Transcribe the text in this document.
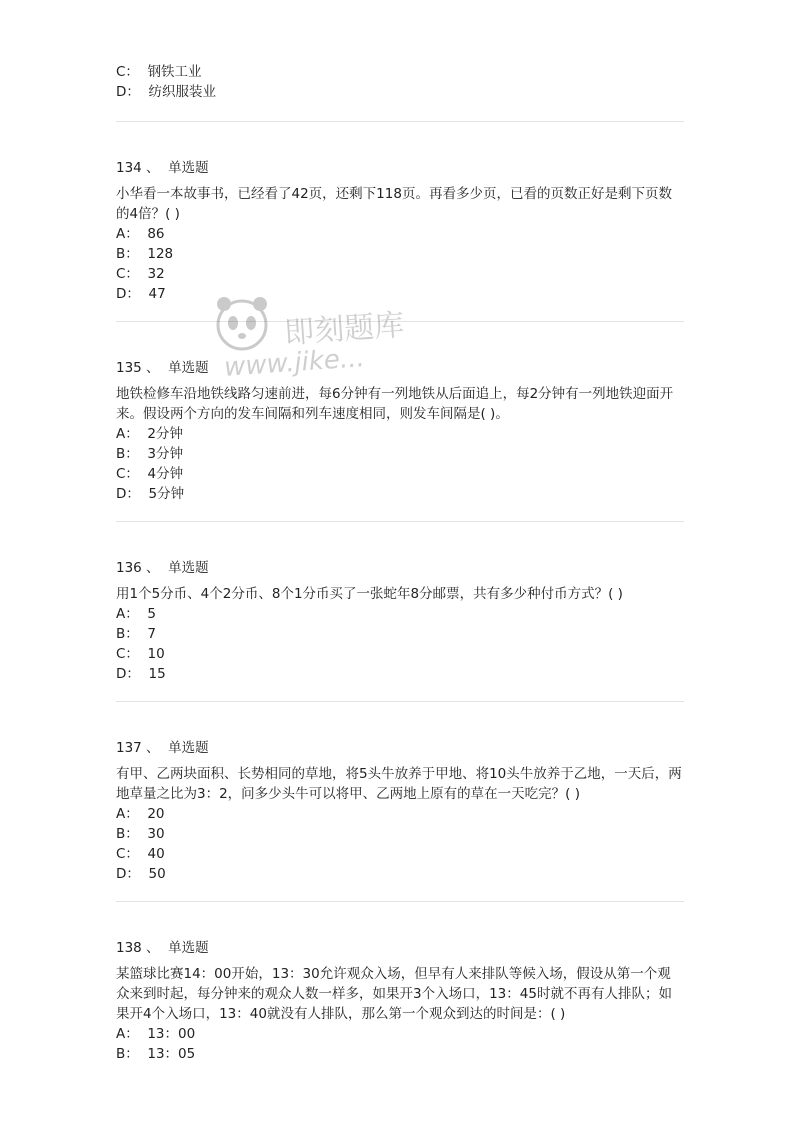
C： 钢铁工业
D： 纺织服装业
134 、 单选题
小华看一本故事书，已经看了42页，还剩下118页。再看多少页，已看的页数正好是剩下页数的4倍？( )
A： 86
B： 128
C： 32
D： 47
135 、 单选题
地铁检修车沿地铁线路匀速前进，每6分钟有一列地铁从后面追上，每2分钟有一列地铁迎面开来。假设两个方向的发车间隔和列车速度相同，则发车间隔是( )。
A： 2分钟
B： 3分钟
C： 4分钟
D： 5分钟
136 、 单选题
用1个5分币、4个2分币、8个1分币买了一张蛇年8分邮票，共有多少种付币方式？( )
A： 5
B： 7
C： 10
D： 15
137 、 单选题
有甲、乙两块面积、长势相同的草地，将5头牛放养于甲地、将10头牛放养于乙地，一天后，两地草量之比为3：2，问多少头牛可以将甲、乙两地上原有的草在一天吃完？( )
A： 20
B： 30
C： 40
D： 50
138 、 单选题
某篮球比赛14：00开始，13：30允许观众入场，但早有人来排队等候入场，假设从第一个观众来到时起，每分钟来的观众人数一样多，如果开3个入场口，13：45时就不再有人排队；如果开4个入场口，13：40就没有人排队，那么第一个观众到达的时间是：( )
A： 13：00
B： 13：05
即刻题库
www.jike...
